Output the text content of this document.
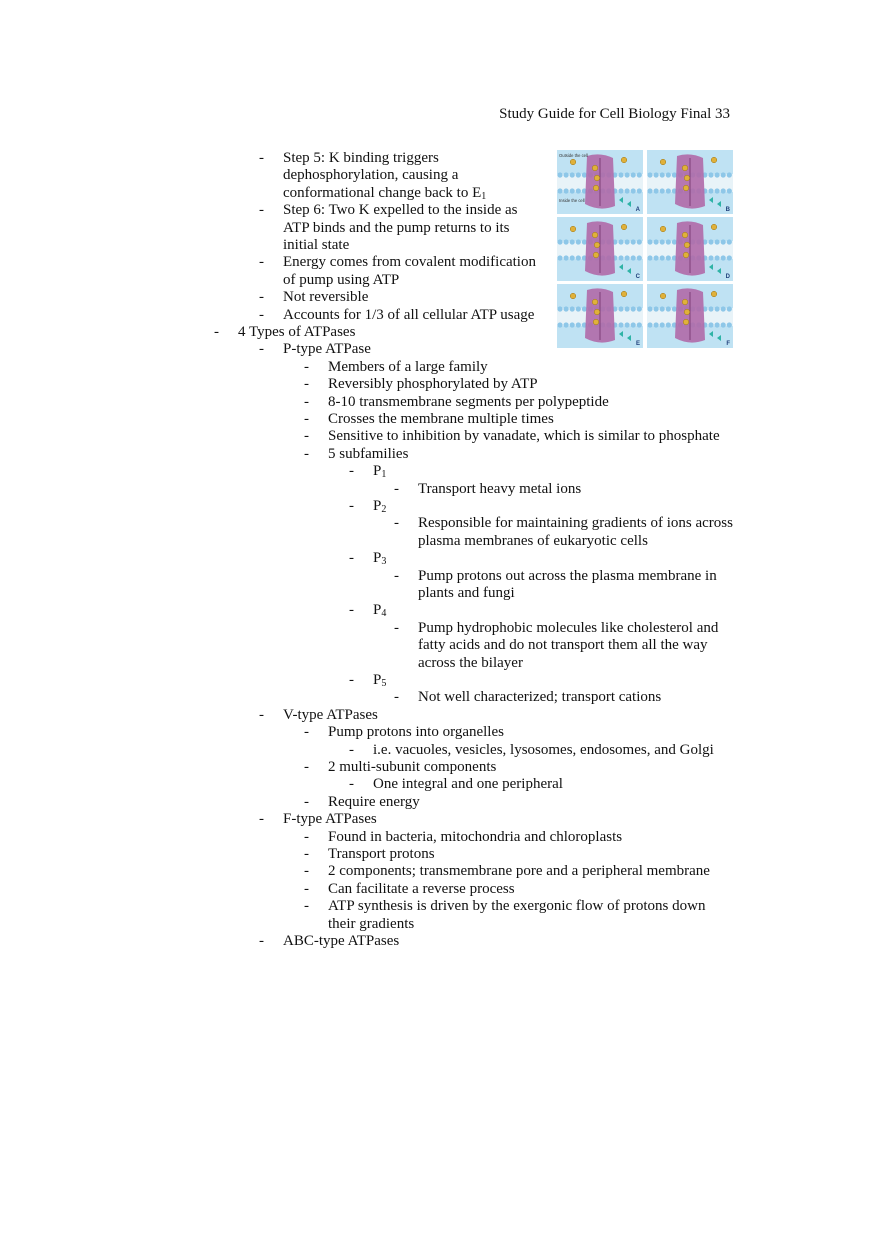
Study Guide for Cell Biology Final 33
- Step 5: K binding triggers
dephosphorylation, causing a
conformational change back to $E_1$
- Step 6: Two K expelled to the inside as
ATP binds and the pump returns to its
initial state
- Energy comes from covalent modification
of pump using ATP
- Not reversible
- Accounts for 1/3 of all cellular ATP usage
- 4 Types of ATPases
- P-type ATPase
- Members of a large family
- Reversibly phosphorylated by ATP
- 8-10 transmembrane segments per polypeptide
- Crosses the membrane multiple times
- Sensitive to inhibition by vanadate, which is similar to phosphate
- 5 subfamilies
- $P_1$
- Transport heavy metal ions
- $P_2$
- Responsible for maintaining gradients of ions across
plasma membranes of eukaryotic cells
- $P_3$
- Pump protons out across the plasma membrane in
plants and fungi
- $P_4$
- Pump hydrophobic molecules like cholesterol and
fatty acids and do not transport them all the way
across the bilayer
- $P_5$
- Not well characterized; transport cations
- V-type ATPases
- Pump protons into organelles
- i.e. vacuoles, vesicles, lysosomes, endosomes, and Golgi
- 2 multi-subunit components
- One integral and one peripheral
- Require energy
- F-type ATPases
- Found in bacteria, mitochondria and chloroplasts
- Transport protons
- 2 components; transmembrane pore and a peripheral membrane
- Can facilitate a reverse process
- ATP synthesis is driven by the exergonic flow of protons down
their gradients
- ABC-type ATPases
A
Outside the cell
Inside the cell
B
C	D
E	F
